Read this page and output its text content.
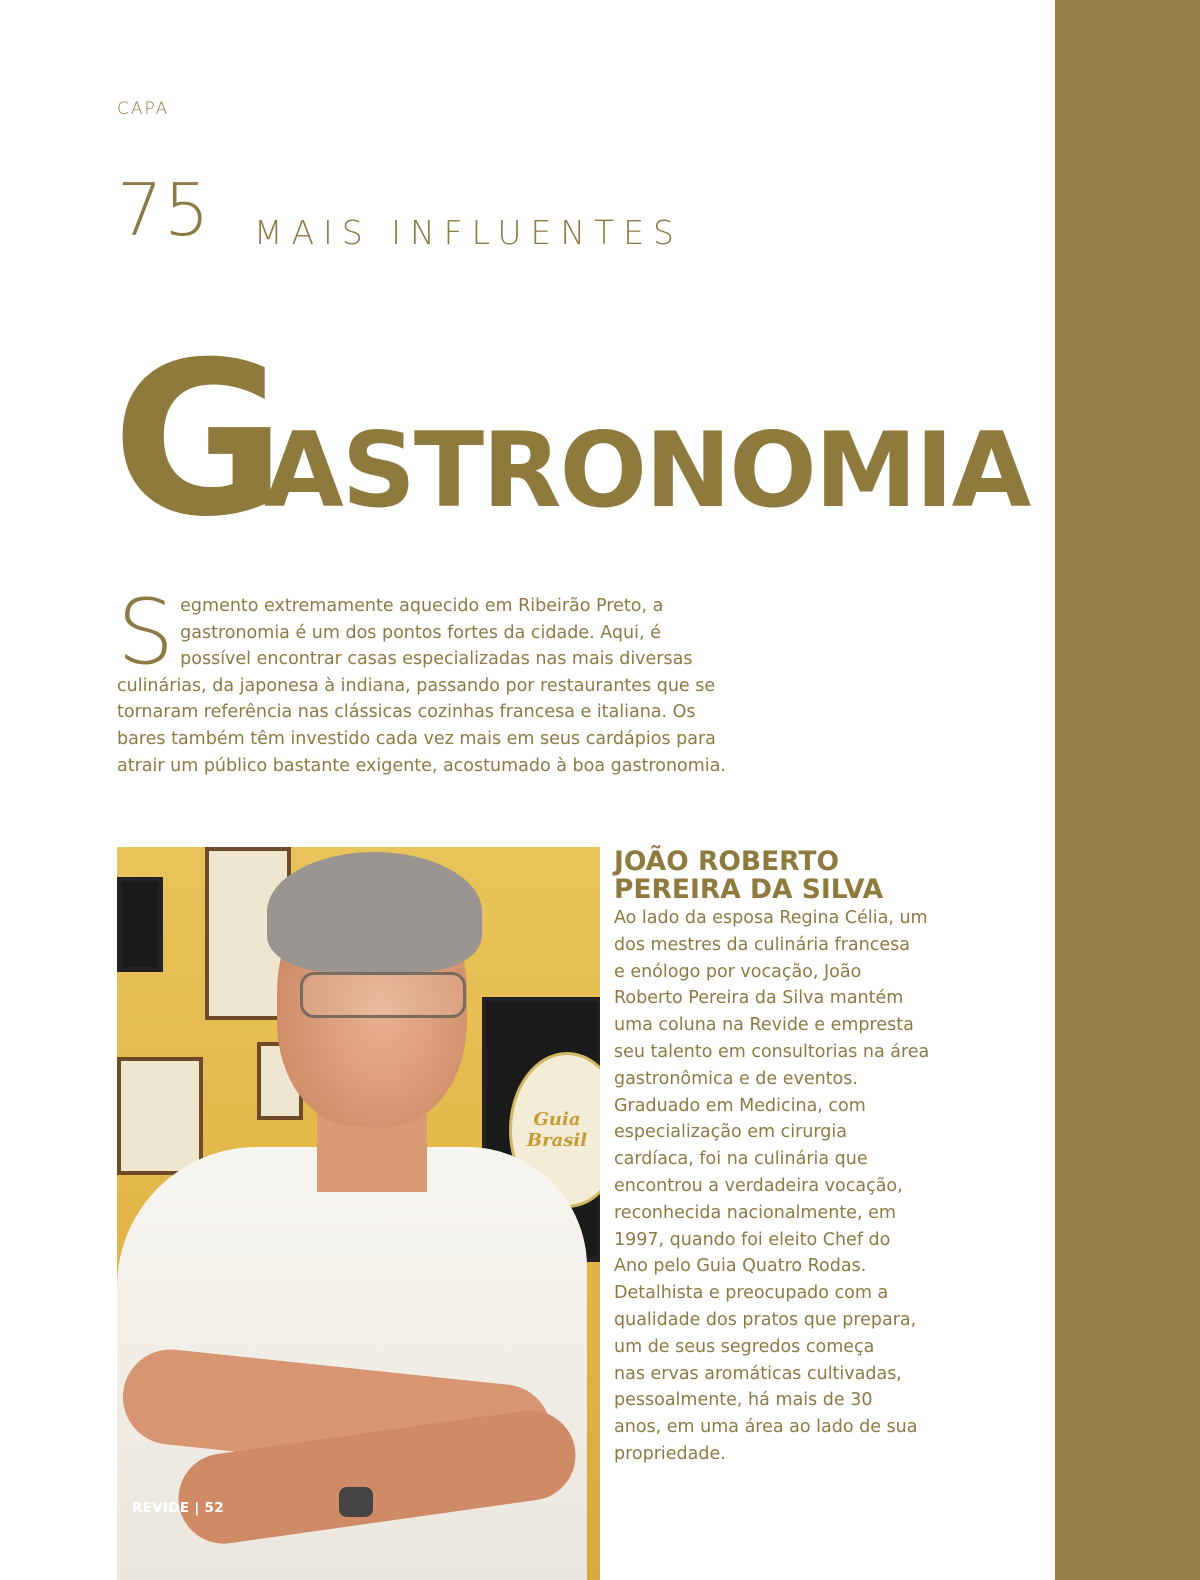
CAPA
75 MAIS INFLUENTES
G
ASTRONOMIA
S egmento extremamente aquecido em Ribeirão Preto, a gastronomia é um dos pontos fortes da cidade. Aqui, é possível encontrar casas especializadas nas mais diversas culinárias, da japonesa à indiana, passando por restaurantes que se tornaram referência nas clássicas cozinhas francesa e italiana. Os bares também têm investido cada vez mais em seus cardápios para atrair um público bastante exigente, acostumado à boa gastronomia.
Guia Brasil
REVIDE | 52
JOÃO ROBERTO
PEREIRA DA SILVA
Ao lado da esposa Regina Célia, um
dos mestres da culinária francesa
e enólogo por vocação, João
Roberto Pereira da Silva mantém
uma coluna na Revide e empresta
seu talento em consultorias na área
gastronômica e de eventos.
Graduado em Medicina, com
especialização em cirurgia
cardíaca, foi na culinária que
encontrou a verdadeira vocação,
reconhecida nacionalmente, em
1997, quando foi eleito Chef do
Ano pelo Guia Quatro Rodas.
Detalhista e preocupado com a
qualidade dos pratos que prepara,
um de seus segredos começa
nas ervas aromáticas cultivadas,
pessoalmente, há mais de 30
anos, em uma área ao lado de sua
propriedade.
